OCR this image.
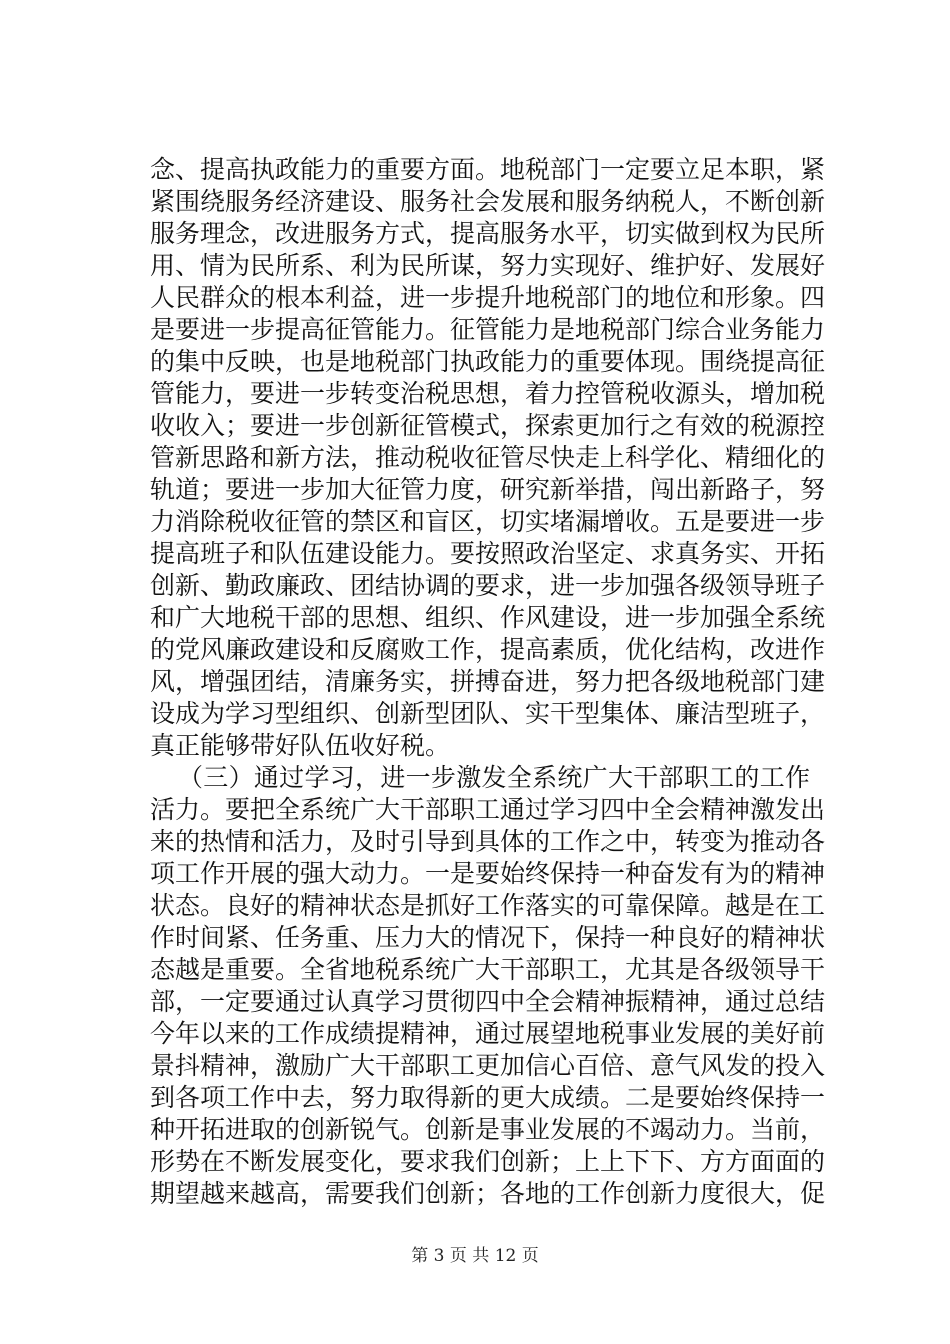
念、提高执政能力的重要方面。地税部门一定要立足本职，紧
紧围绕服务经济建设、服务社会发展和服务纳税人，不断创新
服务理念，改进服务方式，提高服务水平，切实做到权为民所
用、情为民所系、利为民所谋，努力实现好、维护好、发展好
人民群众的根本利益，进一步提升地税部门的地位和形象。四
是要进一步提高征管能力。征管能力是地税部门综合业务能力
的集中反映，也是地税部门执政能力的重要体现。围绕提高征
管能力，要进一步转变治税思想，着力控管税收源头，增加税
收收入；要进一步创新征管模式，探索更加行之有效的税源控
管新思路和新方法，推动税收征管尽快走上科学化、精细化的
轨道；要进一步加大征管力度，研究新举措，闯出新路子，努
力消除税收征管的禁区和盲区，切实堵漏增收。五是要进一步
提高班子和队伍建设能力。要按照政治坚定、求真务实、开拓
创新、勤政廉政、团结协调的要求，进一步加强各级领导班子
和广大地税干部的思想、组织、作风建设，进一步加强全系统
的党风廉政建设和反腐败工作，提高素质，优化结构，改进作
风，增强团结，清廉务实，拼搏奋进，努力把各级地税部门建
设成为学习型组织、创新型团队、实干型集体、廉洁型班子，
真正能够带好队伍收好税。
（三）通过学习，进一步激发全系统广大干部职工的工作
活力。要把全系统广大干部职工通过学习四中全会精神激发出
来的热情和活力，及时引导到具体的工作之中，转变为推动各
项工作开展的强大动力。一是要始终保持一种奋发有为的精神
状态。良好的精神状态是抓好工作落实的可靠保障。越是在工
作时间紧、任务重、压力大的情况下，保持一种良好的精神状
态越是重要。全省地税系统广大干部职工，尤其是各级领导干
部，一定要通过认真学习贯彻四中全会精神振精神，通过总结
今年以来的工作成绩提精神，通过展望地税事业发展的美好前
景抖精神，激励广大干部职工更加信心百倍、意气风发的投入
到各项工作中去，努力取得新的更大成绩。二是要始终保持一
种开拓进取的创新锐气。创新是事业发展的不竭动力。当前，
形势在不断发展变化，要求我们创新；上上下下、方方面面的
期望越来越高，需要我们创新；各地的工作创新力度很大，促
第 3 页 共 12 页
